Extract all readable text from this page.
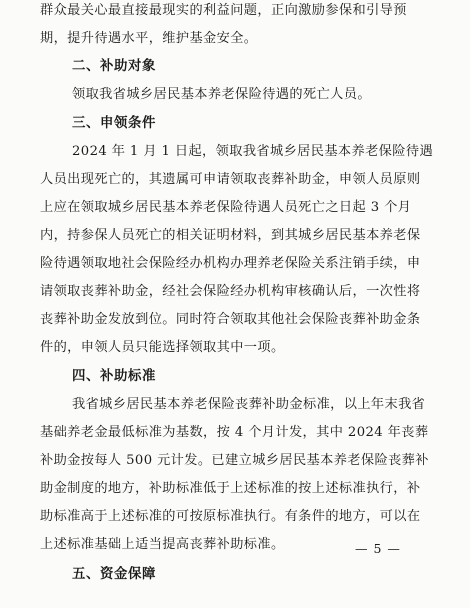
群众最关心最直接最现实的利益问题，正向激励参保和引导预
期，提升待遇水平，维护基金安全。
二、补助对象
领取我省城乡居民基本养老保险待遇的死亡人员。
三、申领条件
2024 年 1 月 1 日起，领取我省城乡居民基本养老保险待遇
人员出现死亡的，其遗属可申请领取丧葬补助金，申领人员原则
上应在领取城乡居民基本养老保险待遇人员死亡之日起 3 个月
内，持参保人员死亡的相关证明材料，到其城乡居民基本养老保
险待遇领取地社会保险经办机构办理养老保险关系注销手续，申
请领取丧葬补助金，经社会保险经办机构审核确认后，一次性将
丧葬补助金发放到位。同时符合领取其他社会保险丧葬补助金条
件的，申领人员只能选择领取其中一项。
四、补助标准
我省城乡居民基本养老保险丧葬补助金标准，以上年末我省
基础养老金最低标准为基数，按 4 个月计发，其中 2024 年丧葬
补助金按每人 500 元计发。已建立城乡居民基本养老保险丧葬补
助金制度的地方，补助标准低于上述标准的按上述标准执行，补
助标准高于上述标准的可按原标准执行。有条件的地方，可以在
上述标准基础上适当提高丧葬补助标准。
五、资金保障
— 5 —
